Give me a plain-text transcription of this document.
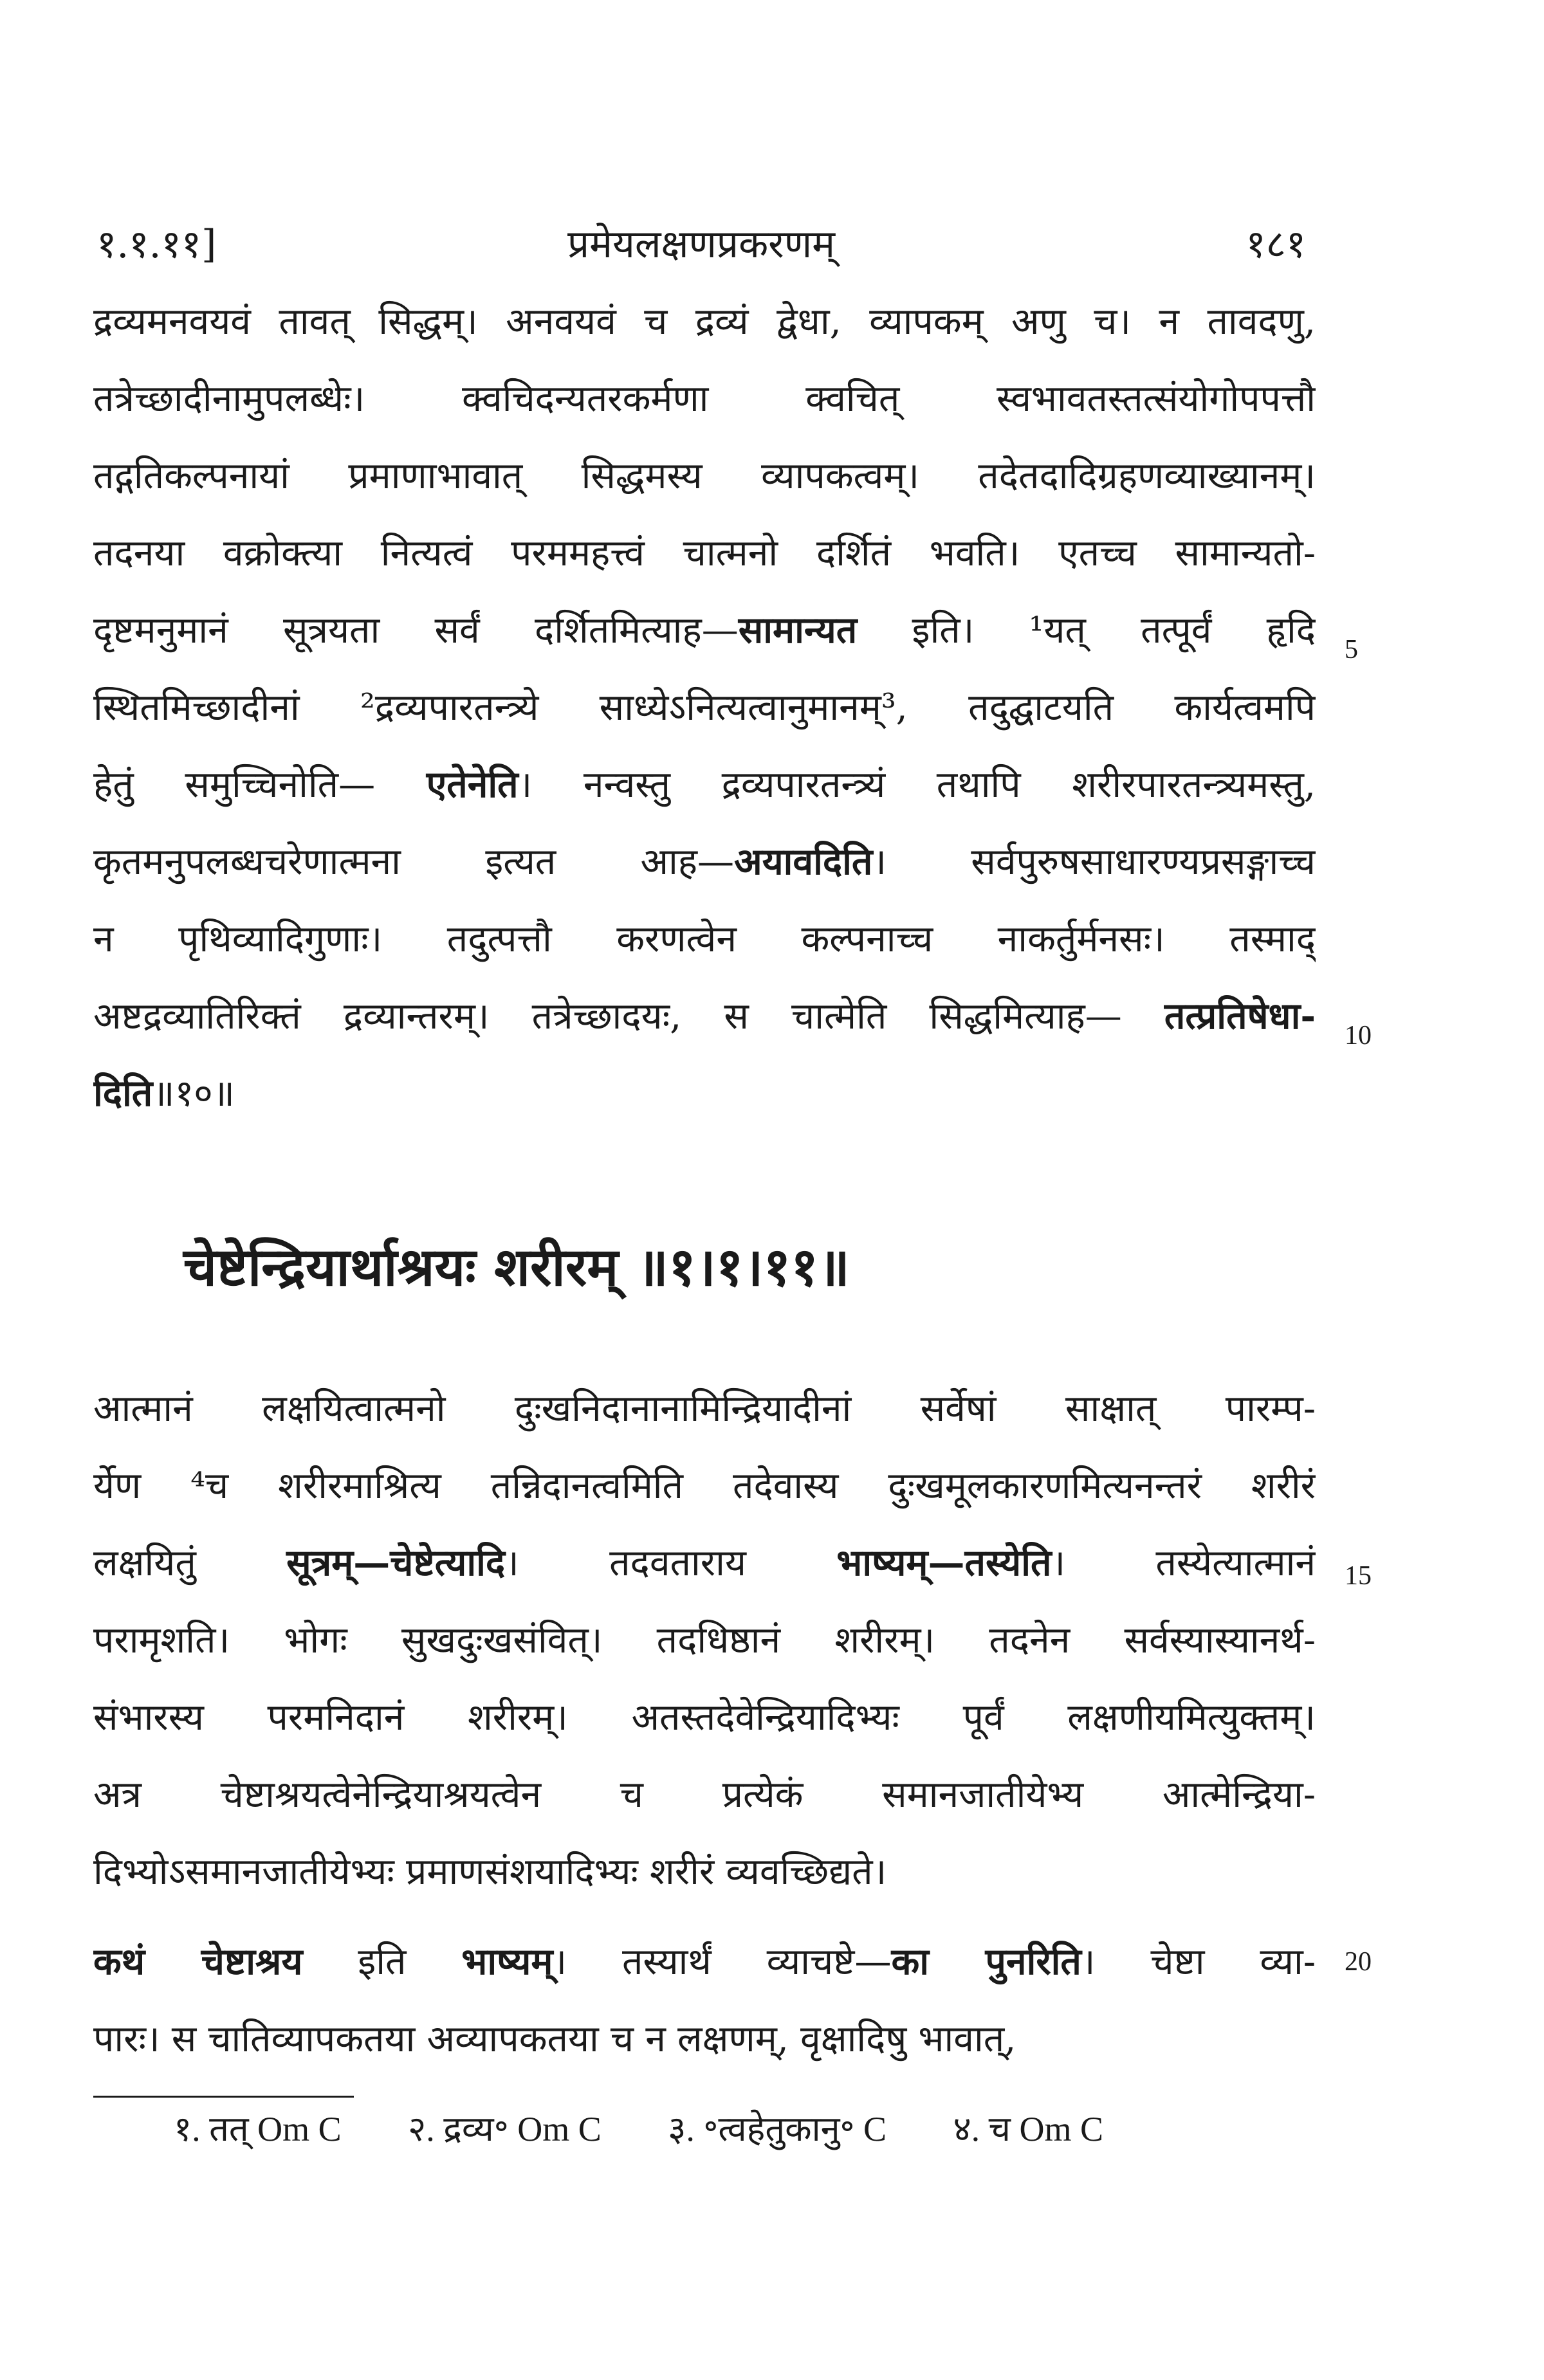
१.१.११]	प्रमेयलक्षणप्रकरणम्	१८१
द्रव्यमनवयवं तावत् सिद्धम्। अनवयवं च द्रव्यं द्वेधा, व्यापकम् अणु च। न तावदणु,
तत्रेच्छादीनामुपलब्धेः। क्वचिदन्यतरकर्मणा क्वचित् स्वभावतस्तत्संयोगोपपत्तौ
तद्गतिकल्पनायां प्रमाणाभावात् सिद्धमस्य व्यापकत्वम्। तदेतदादिग्रहणव्याख्यानम्।
तदनया वक्रोक्त्या नित्यत्वं परममहत्त्वं चात्मनो दर्शितं भवति। एतच्च सामान्यतो-
दृष्टमनुमानं सूत्रयता सर्वं दर्शितमित्याह—सामान्यत इति। ¹यत् तत्पूर्वं हृदि
स्थितमिच्छादीनां ²द्रव्यपारतन्त्र्ये साध्येऽनित्यत्वानुमानम्³, तदुद्घाटयति कार्यत्वमपि
हेतुं समुच्चिनोति— एतेनेति। नन्वस्तु द्रव्यपारतन्त्र्यं तथापि शरीरपारतन्त्र्यमस्तु,
कृतमनुपलब्धचरेणात्मना इत्यत आह—अयावदिति। सर्वपुरुषसाधारण्यप्रसङ्गाच्च
न पृथिव्यादिगुणाः। तदुत्पत्तौ करणत्वेन कल्पनाच्च नाकर्तुर्मनसः। तस्माद्
अष्टद्रव्यातिरिक्तं द्रव्यान्तरम्। तत्रेच्छादयः, स चात्मेति सिद्धमित्याह— तत्प्रतिषेधा-
दिति॥१०॥
चेष्टेन्द्रियार्थाश्रयः शरीरम् ॥१।१।११॥
आत्मानं लक्षयित्वात्मनो दुःखनिदानानामिन्द्रियादीनां सर्वेषां साक्षात् पारम्प-
र्येण ⁴च शरीरमाश्रित्य तन्निदानत्वमिति तदेवास्य दुःखमूलकारणमित्यनन्तरं शरीरं
लक्षयितुं सूत्रम्—चेष्टेत्यादि। तदवताराय भाष्यम्—तस्येति। तस्येत्यात्मानं
परामृशति। भोगः सुखदुःखसंवित्। तदधिष्ठानं शरीरम्। तदनेन सर्वस्यास्यानर्थ-
संभारस्य परमनिदानं शरीरम्। अतस्तदेवेन्द्रियादिभ्यः पूर्वं लक्षणीयमित्युक्तम्।
अत्र चेष्टाश्रयत्वेनेन्द्रियाश्रयत्वेन च प्रत्येकं समानजातीयेभ्य आत्मेन्द्रिया-
दिभ्योऽसमानजातीयेभ्यः प्रमाणसंशयादिभ्यः शरीरं व्यवच्छिद्यते।
कथं चेष्टाश्रय इति भाष्यम्। तस्यार्थं व्याचष्टे—का पुनरिति। चेष्टा व्या-
पारः। स चातिव्यापकतया अव्यापकतया च न लक्षणम्, वृक्षादिषु भावात्,
5
10
15
20
१. तत् Om C २. द्रव्य॰ Om C ३. ॰त्वहेतुकानु॰ C ४. च Om C
